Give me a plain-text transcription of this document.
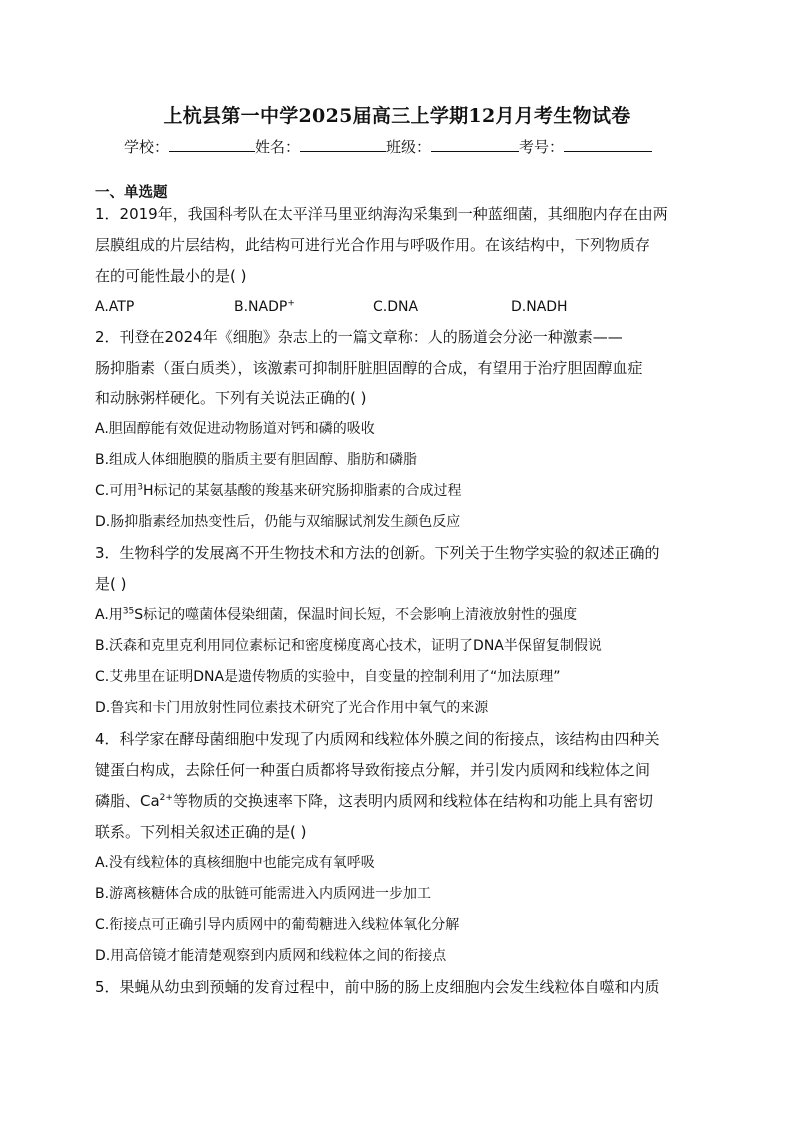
上杭县第一中学2025届高三上学期12月月考生物试卷
学校：	姓名：	班级：	考号：
一、单选题
1．2019年，我国科考队在太平洋马里亚纳海沟采集到一种蓝细菌，其细胞内存在由两
层膜组成的片层结构，此结构可进行光合作用与呼吸作用。在该结构中，下列物质存
在的可能性最小的是( )
A.ATP	B.NADP+	C.DNA	D.NADH
2．刊登在2024年《细胞》杂志上的一篇文章称：人的肠道会分泌一种激素——
肠抑脂素（蛋白质类），该激素可抑制肝脏胆固醇的合成，有望用于治疗胆固醇血症
和动脉粥样硬化。下列有关说法正确的( )
A.胆固醇能有效促进动物肠道对钙和磷的吸收
B.组成人体细胞膜的脂质主要有胆固醇、脂肪和磷脂
C.可用$^3$H标记的某氨基酸的羧基来研究肠抑脂素的合成过程
D.肠抑脂素经加热变性后，仍能与双缩脲试剂发生颜色反应
3．生物科学的发展离不开生物技术和方法的创新。下列关于生物学实验的叙述正确的
是( )
A.用$^{35}$S标记的噬菌体侵染细菌，保温时间长短，不会影响上清液放射性的强度
B.沃森和克里克利用同位素标记和密度梯度离心技术，证明了DNA半保留复制假说
C.艾弗里在证明DNA是遗传物质的实验中，自变量的控制利用了“加法原理”
D.鲁宾和卡门用放射性同位素技术研究了光合作用中氧气的来源
4．科学家在酵母菌细胞中发现了内质网和线粒体外膜之间的衔接点，该结构由四种关
键蛋白构成，去除任何一种蛋白质都将导致衔接点分解，并引发内质网和线粒体之间
磷脂、$Ca^{2+}$等物质的交换速率下降，这表明内质网和线粒体在结构和功能上具有密切
联系。下列相关叙述正确的是( )
A.没有线粒体的真核细胞中也能完成有氧呼吸
B.游离核糖体合成的肽链可能需进入内质网进一步加工
C.衔接点可正确引导内质网中的葡萄糖进入线粒体氧化分解
D.用高倍镜才能清楚观察到内质网和线粒体之间的衔接点
5．果蝇从幼虫到预蛹的发育过程中，前中肠的肠上皮细胞内会发生线粒体自噬和内质
